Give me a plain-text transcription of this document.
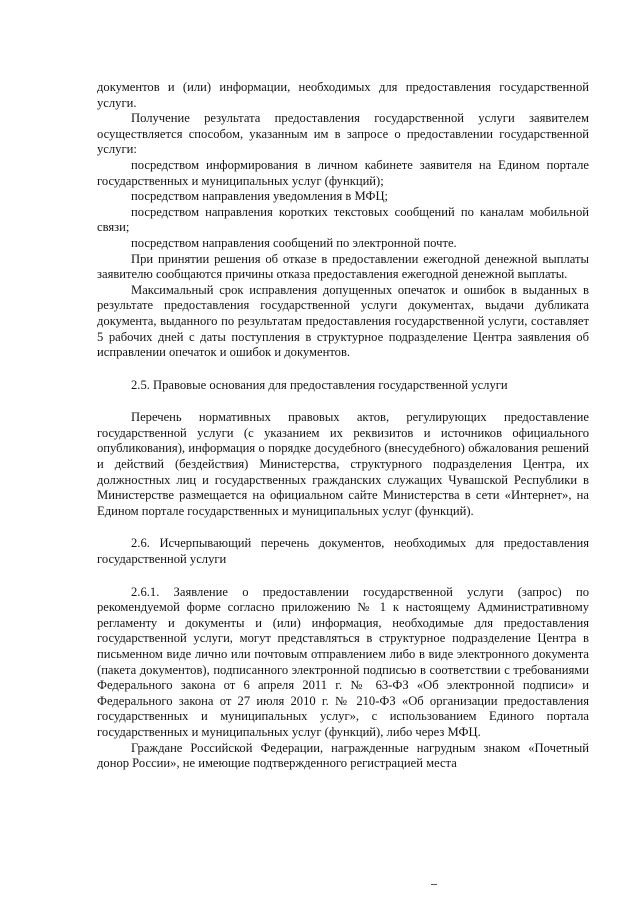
документов и (или) информации, необходимых для предоставления государственной услуги.

Получение результата предоставления государственной услуги заявителем осуществляется способом, указанным им в запросе о предоставлении государственной услуги:

посредством информирования в личном кабинете заявителя на Едином портале государственных и муниципальных услуг (функций);

посредством направления уведомления в МФЦ;

посредством направления коротких текстовых сообщений по каналам мобильной связи;

посредством направления сообщений по электронной почте.

При принятии решения об отказе в предоставлении ежегодной денежной выплаты заявителю сообщаются причины отказа предоставления ежегодной денежной выплаты.

Максимальный срок исправления допущенных опечаток и ошибок в выданных в результате предоставления государственной услуги документах, выдачи дубликата документа, выданного по результатам предоставления государственной услуги, составляет 5 рабочих дней с даты поступления в структурное подразделение Центра заявления об исправлении опечаток и ошибок и документов.

2.5. Правовые основания для предоставления государственной услуги

Перечень нормативных правовых актов, регулирующих предоставление государственной услуги (с указанием их реквизитов и источников официального опубликования), информация о порядке досудебного (внесудебного) обжалования решений и действий (бездействия) Министерства, структурного подразделения Центра, их должностных лиц и государственных гражданских служащих Чувашской Республики в Министерстве размещается на официальном сайте Министерства в сети «Интернет», на Едином портале государственных и муниципальных услуг (функций).

2.6. Исчерпывающий перечень документов, необходимых для предоставления государственной услуги

2.6.1. Заявление о предоставлении государственной услуги (запрос) по рекомендуемой форме согласно приложению № 1 к настоящему Административному регламенту и документы и (или) информация, необходимые для предоставления государственной услуги, могут представляться в структурное подразделение Центра в письменном виде лично или почтовым отправлением либо в виде электронного документа (пакета документов), подписанного электронной подписью в соответствии с требованиями Федерального закона от 6 апреля 2011 г. № 63-ФЗ «Об электронной подписи» и Федерального закона от 27 июля 2010 г. № 210-ФЗ «Об организации предоставления государственных и муниципальных услуг», с использованием Единого портала государственных и муниципальных услуг (функций), либо через МФЦ.

Граждане Российской Федерации, награжденные нагрудным знаком «Почетный донор России», не имеющие подтвержденного регистрацией места
